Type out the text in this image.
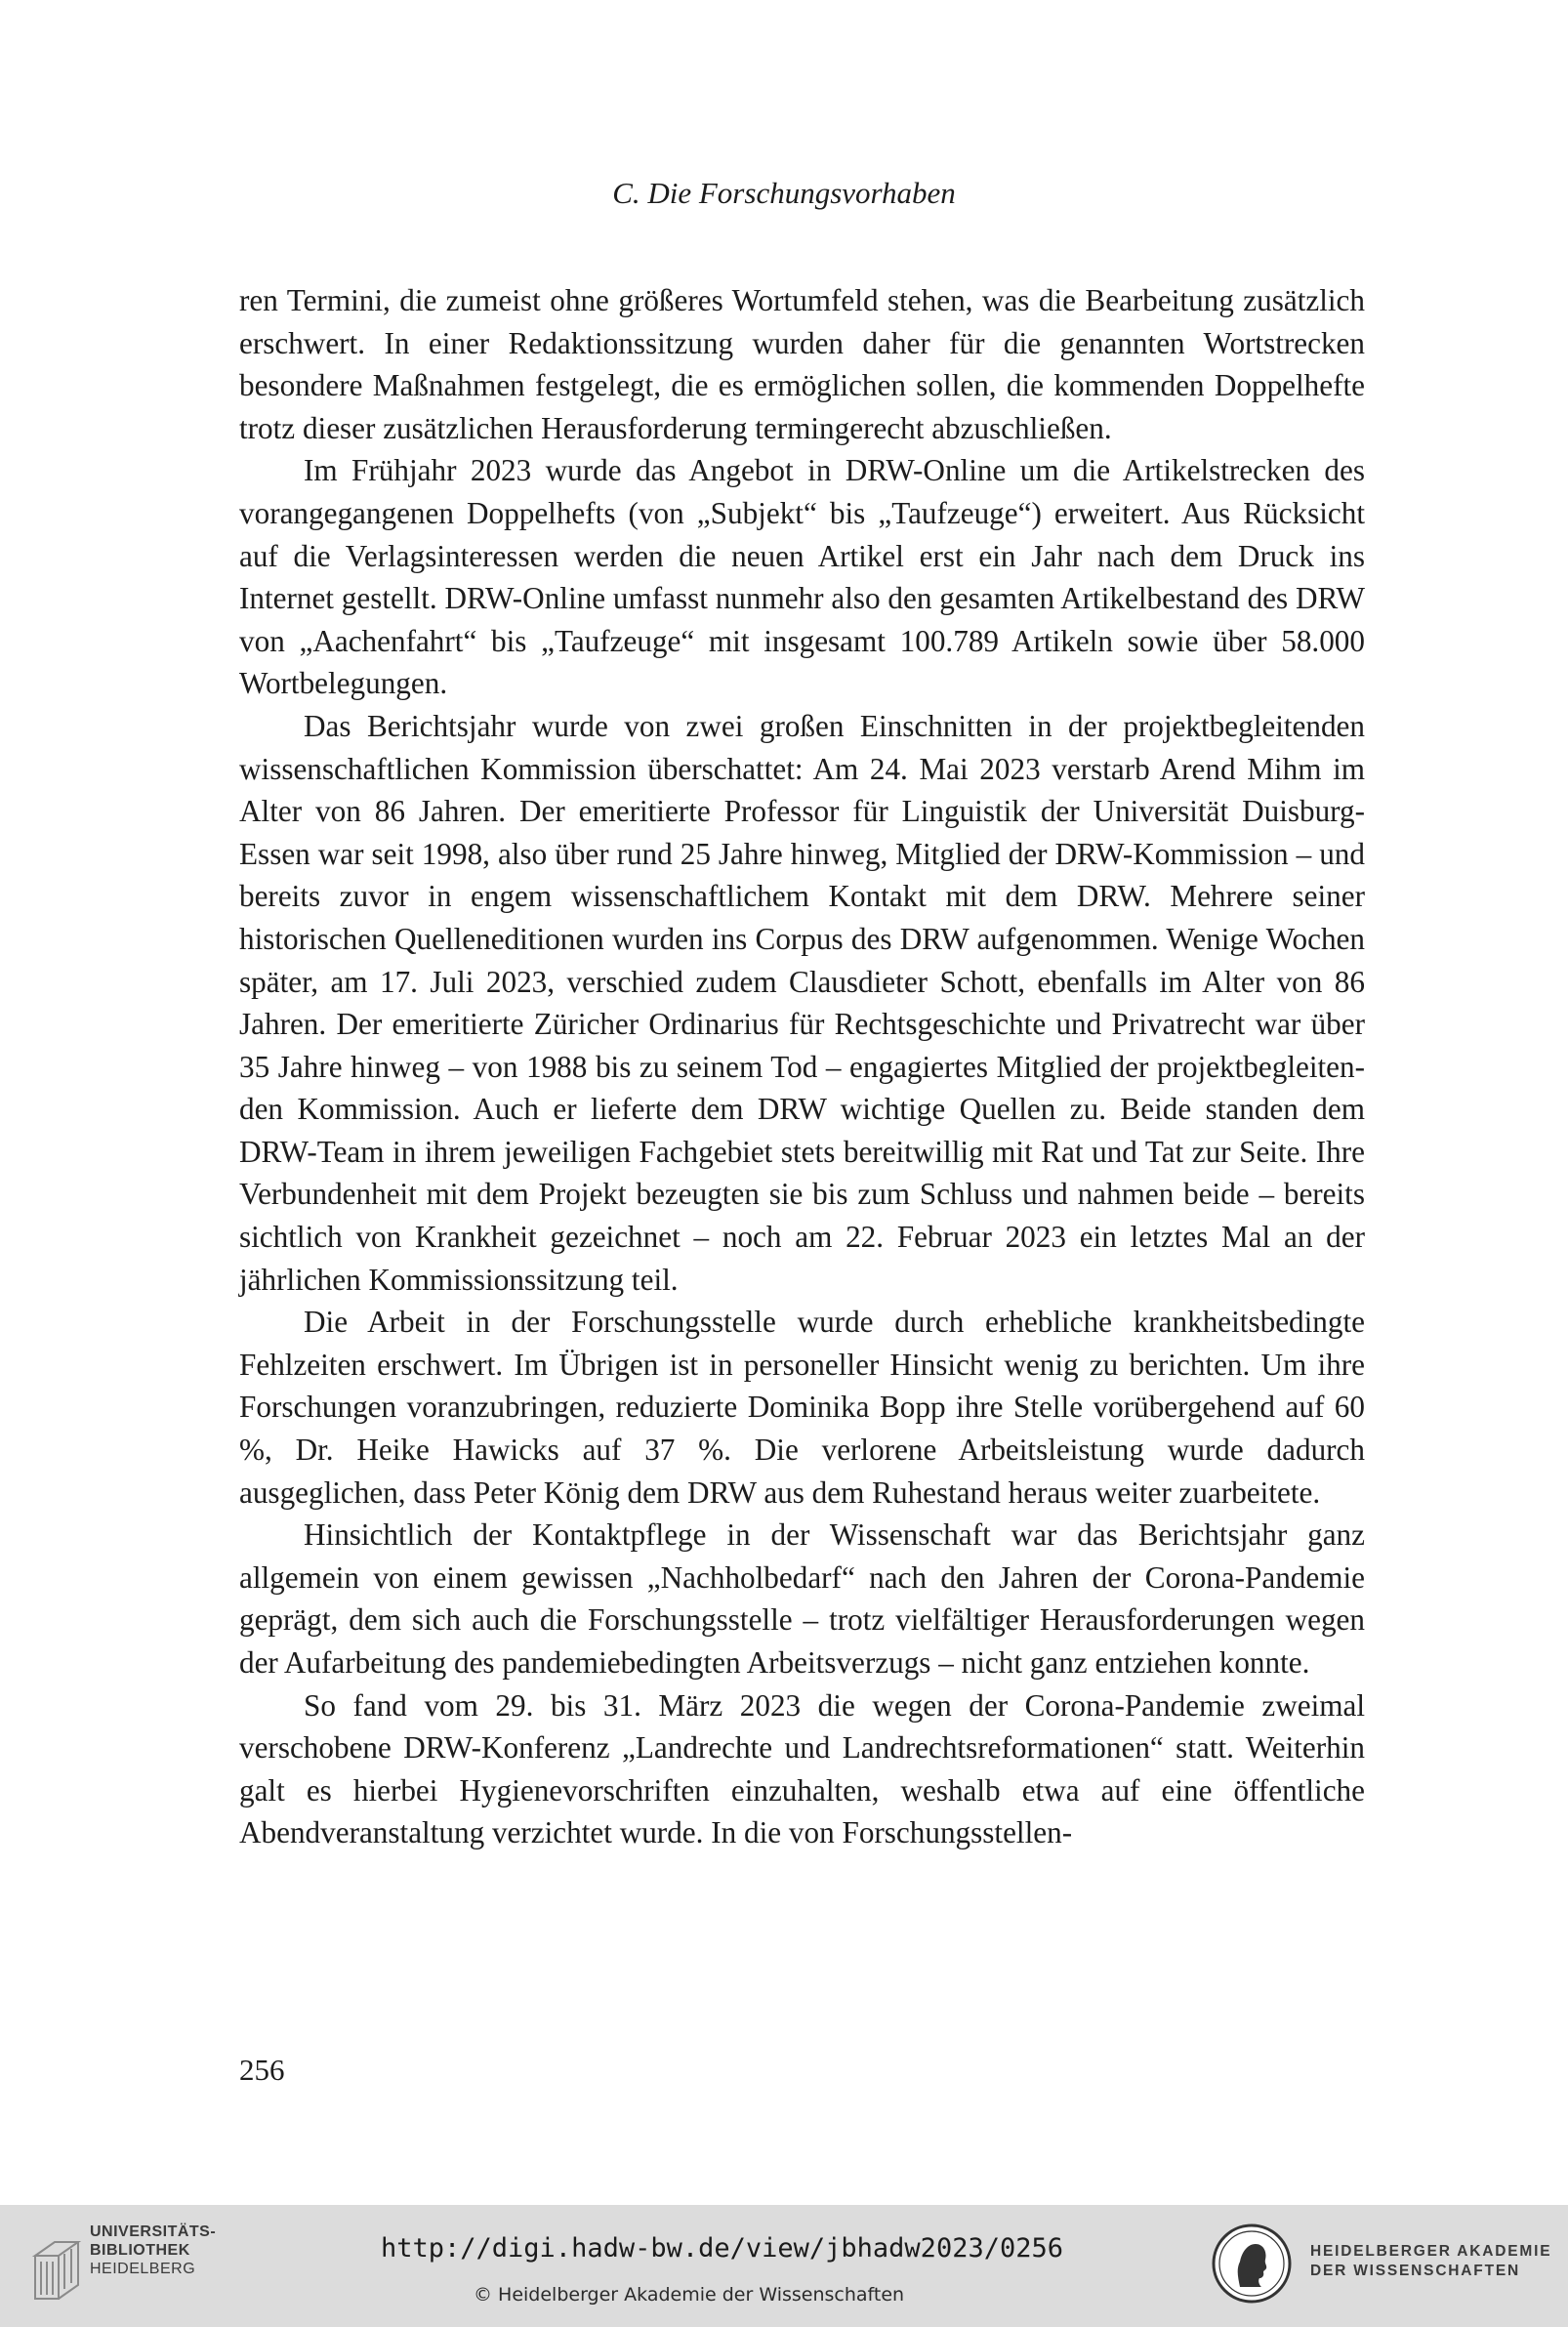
C. Die Forschungsvorhaben

ren Termini, die zumeist ohne größeres Wortumfeld stehen, was die Bearbeitung zusätzlich erschwert. In einer Redaktionssitzung wurden daher für die genannten Wortstrecken besondere Maßnahmen festgelegt, die es ermöglichen sollen, die kommenden Doppelhefte trotz dieser zusätzlichen Herausforderung termingerecht abzuschließen.

Im Frühjahr 2023 wurde das Angebot in DRW-Online um die Artikelstrecken des vorangegangenen Doppelhefts (von „Subjekt“ bis „Taufzeuge“) erweitert. Aus Rücksicht auf die Verlagsinteressen werden die neuen Artikel erst ein Jahr nach dem Druck ins Internet gestellt. DRW-Online umfasst nunmehr also den gesamten Artikelbestand des DRW von „Aachenfahrt“ bis „Taufzeuge“ mit insgesamt 100.789 Artikeln sowie über 58.000 Wortbelegungen.

Das Berichtsjahr wurde von zwei großen Einschnitten in der projektbegleitenden wissenschaftlichen Kommission überschattet: Am 24. Mai 2023 verstarb Arend Mihm im Alter von 86 Jahren. Der emeritierte Professor für Linguistik der Universität Duisburg-Essen war seit 1998, also über rund 25 Jahre hinweg, Mitglied der DRW-Kommission – und bereits zuvor in engem wissenschaftlichem Kontakt mit dem DRW. Mehrere seiner historischen Quelleneditionen wurden ins Corpus des DRW aufgenommen. Wenige Wochen später, am 17. Juli 2023, verschied zudem Clausdieter Schott, ebenfalls im Alter von 86 Jahren. Der emeritierte Züricher Ordinarius für Rechtsgeschichte und Privatrecht war über 35 Jahre hinweg – von 1988 bis zu seinem Tod – engagiertes Mitglied der projektbegleitenden Kommission. Auch er lieferte dem DRW wichtige Quellen zu. Beide standen dem DRW-Team in ihrem jeweiligen Fachgebiet stets bereitwillig mit Rat und Tat zur Seite. Ihre Verbundenheit mit dem Projekt bezeugten sie bis zum Schluss und nahmen beide – bereits sichtlich von Krankheit gezeichnet – noch am 22. Februar 2023 ein letztes Mal an der jährlichen Kommissionssitzung teil.

Die Arbeit in der Forschungsstelle wurde durch erhebliche krankheitsbedingte Fehlzeiten erschwert. Im Übrigen ist in personeller Hinsicht wenig zu berichten. Um ihre Forschungen voranzubringen, reduzierte Dominika Bopp ihre Stelle vorübergehend auf 60 %, Dr. Heike Hawicks auf 37 %. Die verlorene Arbeitsleistung wurde dadurch ausgeglichen, dass Peter König dem DRW aus dem Ruhestand heraus weiter zuarbeitete.

Hinsichtlich der Kontaktpflege in der Wissenschaft war das Berichtsjahr ganz allgemein von einem gewissen „Nachholbedarf“ nach den Jahren der Corona-Pandemie geprägt, dem sich auch die Forschungsstelle – trotz vielfältiger Herausforderungen wegen der Aufarbeitung des pandemiebedingten Arbeitsverzugs – nicht ganz entziehen konnte.

So fand vom 29. bis 31. März 2023 die wegen der Corona-Pandemie zweimal verschobene DRW-Konferenz „Landrechte und Landrechtsreformationen“ statt. Weiterhin galt es hierbei Hygienevorschriften einzuhalten, weshalb etwa auf eine öffentliche Abendveranstaltung verzichtet wurde. In die von Forschungsstellen-

256
UNIVERSITÄTS-
BIBLIOTHEK
HEIDELBERG
http://digi.hadw-bw.de/view/jbhadw2023/0256
© Heidelberger Akademie der Wissenschaften
HEIDELBERGER AKADEMIE
DER WISSENSCHAFTEN
